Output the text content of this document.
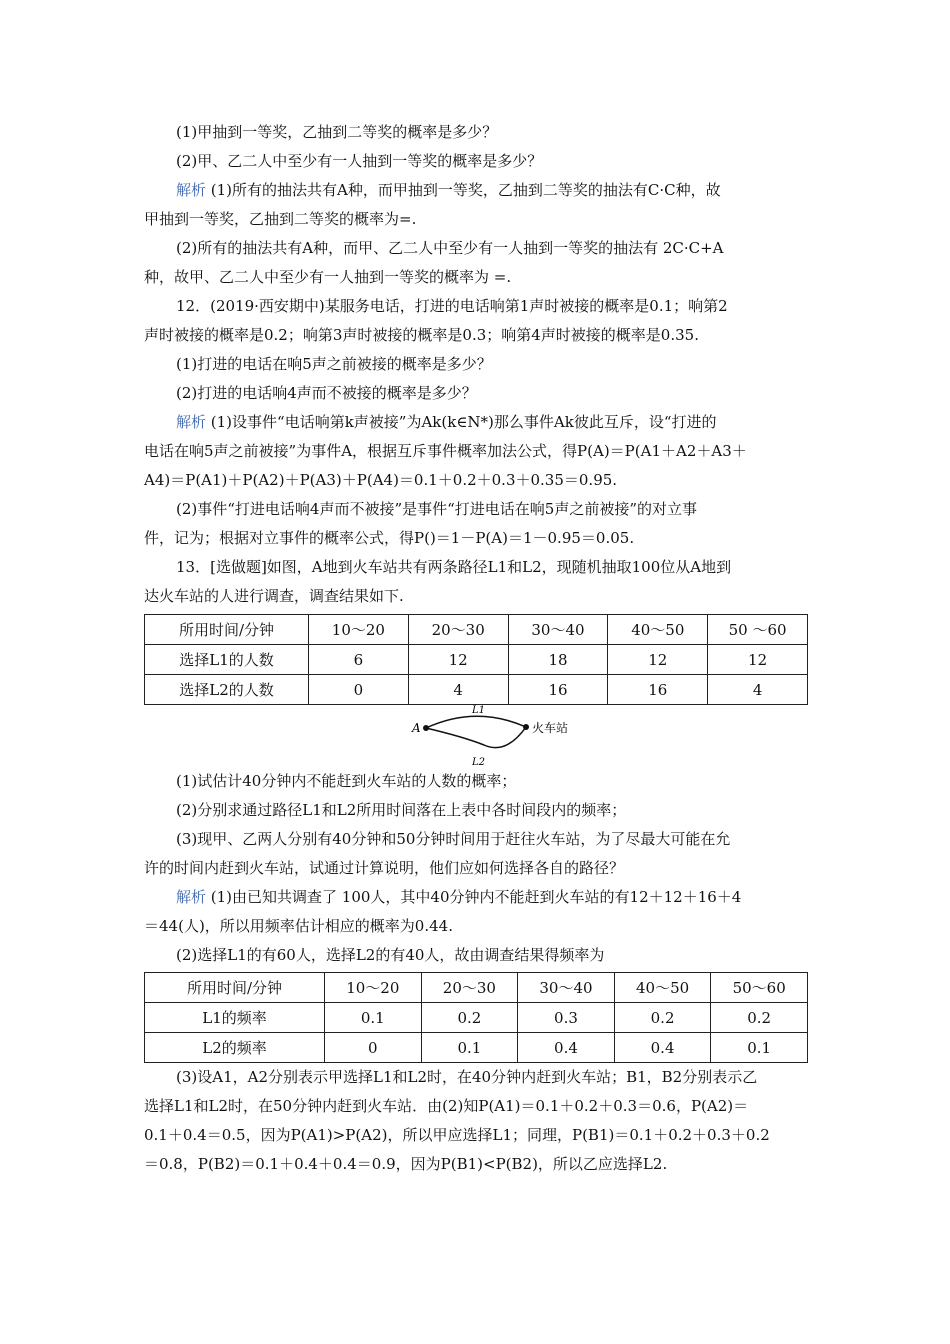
(1)甲抽到一等奖，乙抽到二等奖的概率是多少？

(2)甲、乙二人中至少有一人抽到一等奖的概率是多少？

解析 (1)所有的抽法共有A种，而甲抽到一等奖，乙抽到二等奖的抽法有C·C种，故

甲抽到一等奖，乙抽到二等奖的概率为=.

(2)所有的抽法共有A种，而甲、乙二人中至少有一人抽到一等奖的抽法有 2C·C+A

种，故甲、乙二人中至少有一人抽到一等奖的概率为 =.

12．(2019·西安期中)某服务电话，打进的电话响第1声时被接的概率是0.1；响第2

声时被接的概率是0.2；响第3声时被接的概率是0.3；响第4声时被接的概率是0.35.

(1)打进的电话在响5声之前被接的概率是多少？

(2)打进的电话响4声而不被接的概率是多少？

解析 (1)设事件“电话响第k声被接”为Ak(k∈N*)那么事件Ak彼此互斥，设“打进的

电话在响5声之前被接”为事件A，根据互斥事件概率加法公式，得P(A)＝P(A1＋A2＋A3＋

A4)＝P(A1)＋P(A2)＋P(A3)＋P(A4)＝0.1＋0.2＋0.3＋0.35＝0.95.

(2)事件“打进电话响4声而不被接”是事件“打进电话在响5声之前被接”的对立事

件，记为；根据对立事件的概率公式，得P()＝1－P(A)＝1－0.95＝0.05.

13．[选做题]如图，A地到火车站共有两条路径L1和L2，现随机抽取100位从A地到

达火车站的人进行调查，调查结果如下.

所用时间/分钟	10～20	20～30	30～40	40～50	50 ～60
选择L1的人数	6	12	18	12	12
选择L2的人数	0	4	16	16	4
A	火车站
L1
L2

(1)试估计40分钟内不能赶到火车站的人数的概率；

(2)分别求通过路径L1和L2所用时间落在上表中各时间段内的频率；

(3)现甲、乙两人分别有40分钟和50分钟时间用于赶往火车站，为了尽最大可能在允

许的时间内赶到火车站，试通过计算说明，他们应如何选择各自的路径？

解析 (1)由已知共调查了 100人，其中40分钟内不能赶到火车站的有12＋12＋16＋4

＝44(人)，所以用频率估计相应的概率为0.44.

(2)选择L1的有60人，选择L2的有40人，故由调查结果得频率为

所用时间/分钟	10～20	20～30	30～40	40～50	50～60
L1的频率	0.1	0.2	0.3	0.2	0.2
L2的频率	0	0.1	0.4	0.4	0.1

(3)设A1，A2分别表示甲选择L1和L2时，在40分钟内赶到火车站；B1，B2分别表示乙

选择L1和L2时，在50分钟内赶到火车站．由(2)知P(A1)＝0.1＋0.2＋0.3＝0.6，P(A2)＝

0.1＋0.4＝0.5，因为P(A1)>P(A2)，所以甲应选择L1；同理，P(B1)＝0.1＋0.2＋0.3＋0.2

＝0.8，P(B2)＝0.1＋0.4＋0.4＝0.9，因为P(B1)<P(B2)，所以乙应选择L2.
